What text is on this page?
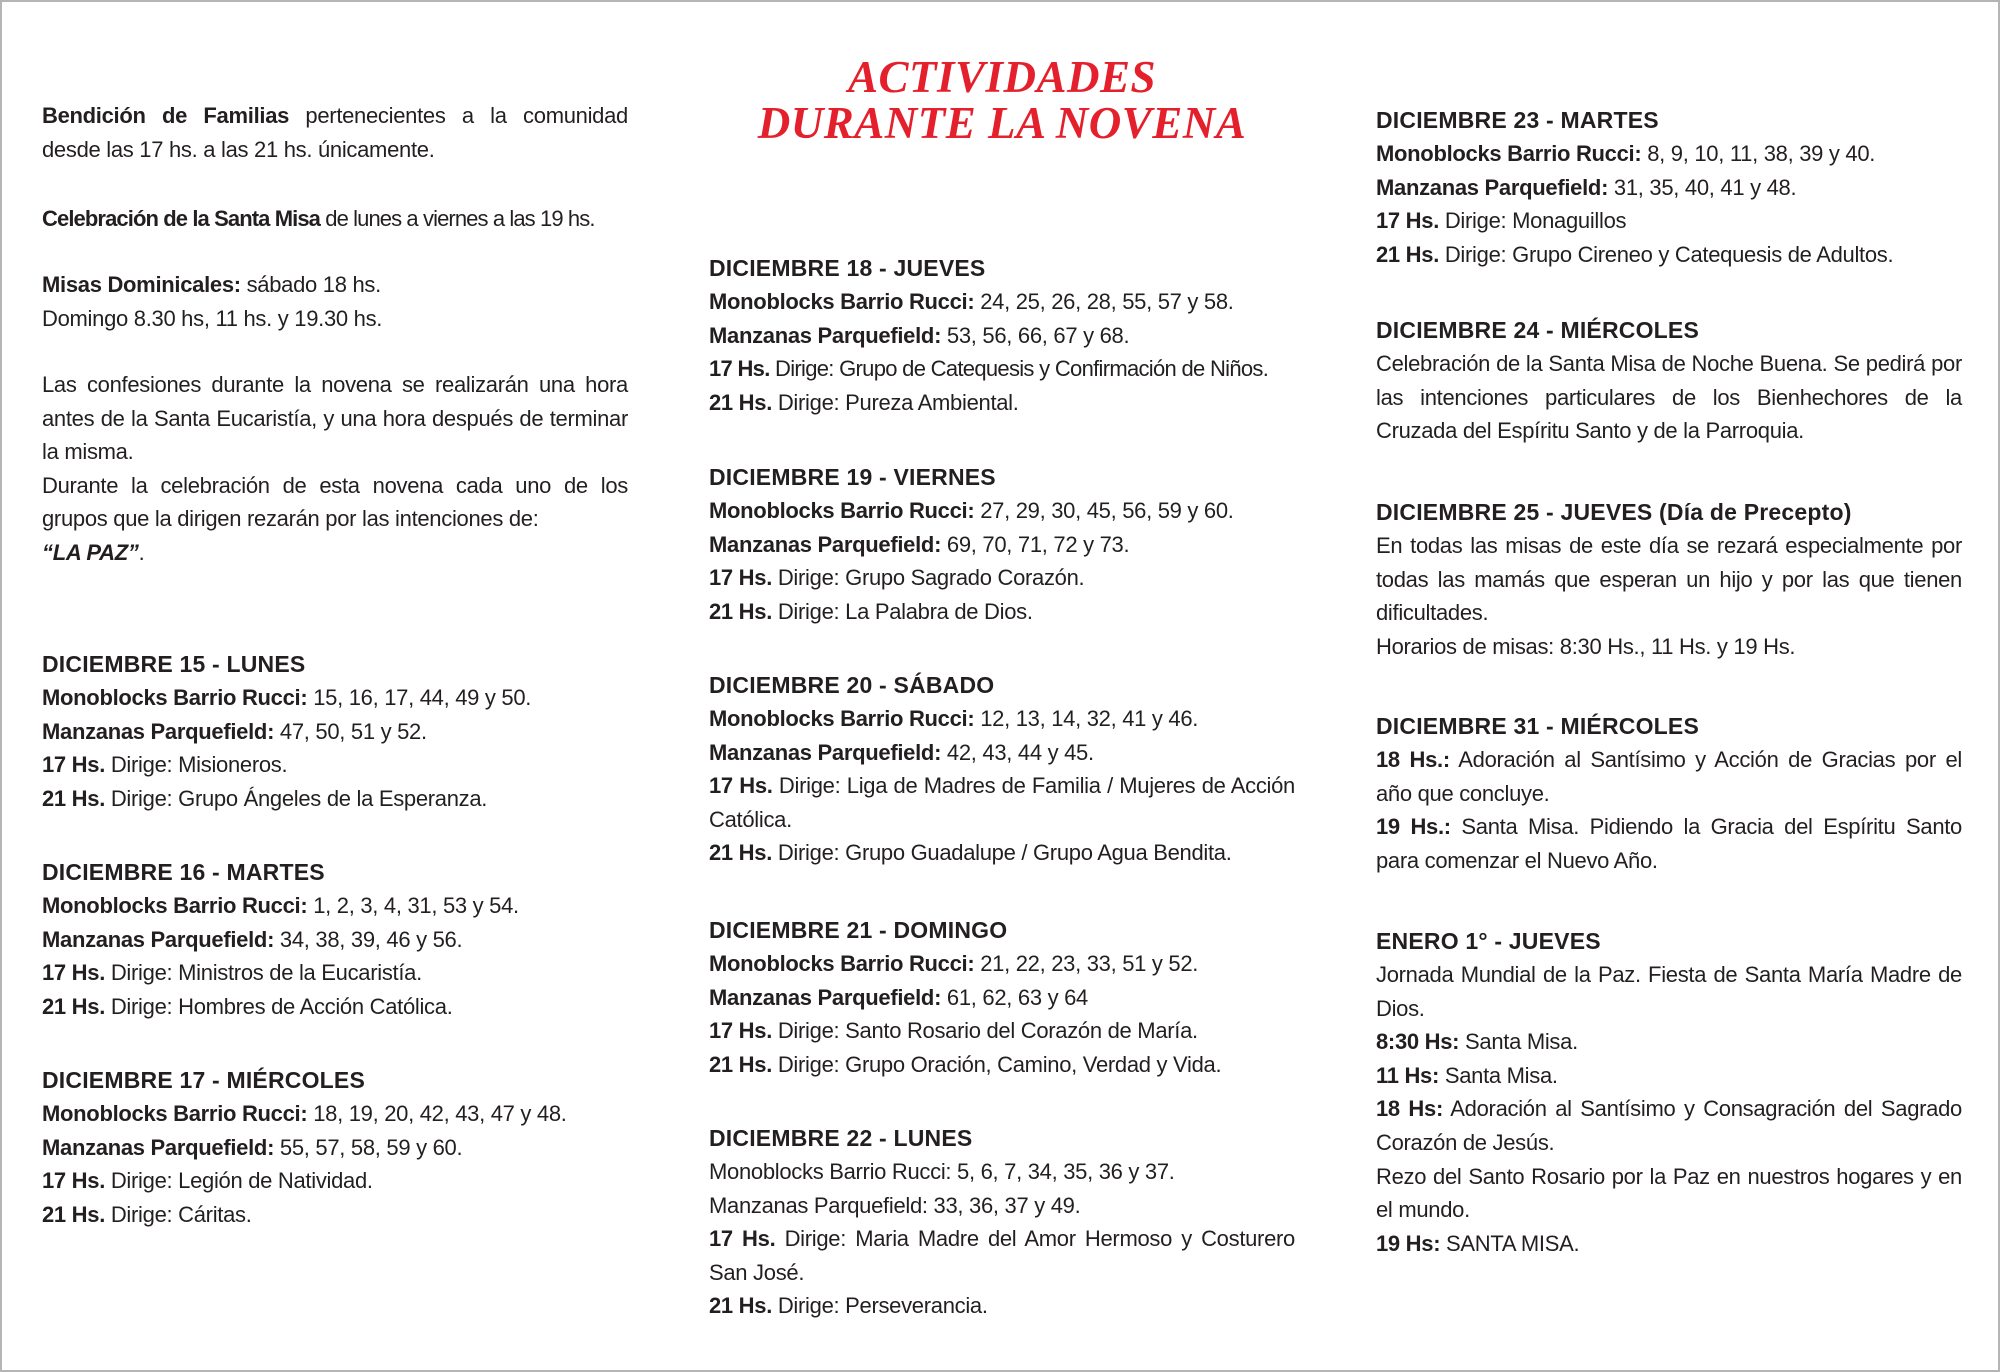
ACTIVIDADES
DURANTE LA NOVENA

Bendición de Familias pertenecientes a la comunidad desde las 17 hs. a las 21 hs. únicamente.

Celebración de la Santa Misa de lunes a viernes a las 19 hs.

Misas Dominicales: sábado 18 hs.

Domingo 8.30 hs, 11 hs. y 19.30 hs.

Las confesiones durante la novena se realizarán una hora antes de la Santa Eucaristía, y una hora después de terminar la misma.

Durante la celebración de esta novena cada uno de los grupos que la dirigen rezarán por las intenciones de:

“LA PAZ”.

DICIEMBRE 15 - LUNES

Monoblocks Barrio Rucci: 15, 16, 17, 44, 49 y 50.

Manzanas Parquefield: 47, 50, 51 y 52.

17 Hs. Dirige: Misioneros.

21 Hs. Dirige: Grupo Ángeles de la Esperanza.

DICIEMBRE 16 - MARTES

Monoblocks Barrio Rucci: 1, 2, 3, 4, 31, 53 y 54.

Manzanas Parquefield: 34, 38, 39, 46 y 56.

17 Hs. Dirige: Ministros de la Eucaristía.

21 Hs. Dirige: Hombres de Acción Católica.

DICIEMBRE 17 - MIÉRCOLES

Monoblocks Barrio Rucci: 18, 19, 20, 42, 43, 47 y 48.

Manzanas Parquefield: 55, 57, 58, 59 y 60.

17 Hs. Dirige: Legión de Natividad.

21 Hs. Dirige: Cáritas.

DICIEMBRE 18 - JUEVES

Monoblocks Barrio Rucci: 24, 25, 26, 28, 55, 57 y 58.

Manzanas Parquefield: 53, 56, 66, 67 y 68.

17 Hs. Dirige: Grupo de Catequesis y Confirmación de Niños.

21 Hs. Dirige: Pureza Ambiental.

DICIEMBRE 19 - VIERNES

Monoblocks Barrio Rucci: 27, 29, 30, 45, 56, 59 y 60.

Manzanas Parquefield: 69, 70, 71, 72 y 73.

17 Hs. Dirige: Grupo Sagrado Corazón.

21 Hs. Dirige: La Palabra de Dios.

DICIEMBRE 20 - SÁBADO

Monoblocks Barrio Rucci: 12, 13, 14, 32, 41 y 46.

Manzanas Parquefield: 42, 43, 44 y 45.

17 Hs. Dirige: Liga de Madres de Familia / Mujeres de Acción Católica.

21 Hs. Dirige: Grupo Guadalupe / Grupo Agua Bendita.

DICIEMBRE 21 - DOMINGO

Monoblocks Barrio Rucci: 21, 22, 23, 33, 51 y 52.

Manzanas Parquefield: 61, 62, 63 y 64

17 Hs. Dirige: Santo Rosario del Corazón de María.

21 Hs. Dirige: Grupo Oración, Camino, Verdad y Vida.

DICIEMBRE 22 - LUNES

Monoblocks Barrio Rucci: 5, 6, 7, 34, 35, 36 y 37.

Manzanas Parquefield: 33, 36, 37 y 49.

17 Hs. Dirige: Maria Madre del Amor Hermoso y Costurero San José.

21 Hs. Dirige: Perseverancia.

DICIEMBRE 23 - MARTES

Monoblocks Barrio Rucci: 8, 9, 10, 11, 38, 39 y 40.

Manzanas Parquefield: 31, 35, 40, 41 y 48.

17 Hs. Dirige: Monaguillos

21 Hs. Dirige: Grupo Cireneo y Catequesis de Adultos.

DICIEMBRE 24 - MIÉRCOLES

Celebración de la Santa Misa de Noche Buena. Se pedirá por las intenciones particulares de los Bienhechores de la Cruzada del Espíritu Santo y de la Parroquia.

DICIEMBRE 25 - JUEVES (Día de Precepto)

En todas las misas de este día se rezará especialmente por todas las mamás que esperan un hijo y por las que tienen dificultades.

Horarios de misas: 8:30 Hs., 11 Hs. y 19 Hs.

DICIEMBRE 31 - MIÉRCOLES

18 Hs.: Adoración al Santísimo y Acción de Gracias por el año que concluye.

19 Hs.: Santa Misa. Pidiendo la Gracia del Espíritu Santo para comenzar el Nuevo Año.

ENERO 1° - JUEVES

Jornada Mundial de la Paz. Fiesta de Santa María Madre de Dios.

8:30 Hs: Santa Misa.

11 Hs: Santa Misa.

18 Hs: Adoración al Santísimo y Consagración del Sagrado Corazón de Jesús.

Rezo del Santo Rosario por la Paz en nuestros hogares y en el mundo.

19 Hs: SANTA MISA.
